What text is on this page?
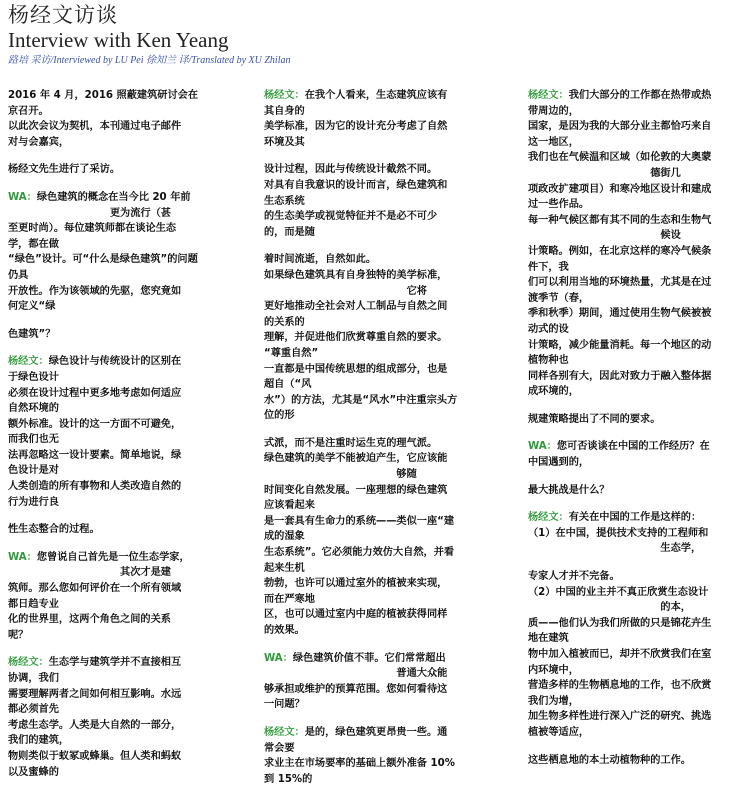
杨经文访谈
Interview with Ken Yeang
路培 采访/Interviewed by LU Pei 徐知兰 译/Translated by XU Zhilan
2016 年 4 月，2016 照蔽建筑研讨会在
京召开。
以此次会议为契机，本刊通过电子邮件
对与会嘉宾，
杨经文先生进行了采访。
WA：绿色建筑的概念在当今比 20 年前
　　　　　　　　　　更为流行（甚
至更时尚）。每位建筑师都在谈论生态
学，都在做
“绿色”设计。可“什么是绿色建筑”的问题
仍具
开放性。作为该领域的先驱，您究竟如
何定义“绿
色建筑”？
杨经文：绿色设计与传统设计的区别在
于绿色设计
必须在设计过程中更多地考虑如何适应
自然环境的
额外标准。设计的这一方面不可避免，
而我们也无
法再忽略这一设计要素。简单地说，绿
色设计是对
人类创造的所有事物和人类改造自然的
行为进行良
性生态整合的过程。
WA：您曾说自己首先是一位生态学家，
　　　　　　　　　　　其次才是建
筑师。那么您如何评价在一个所有领域
都日趋专业
化的世界里，这两个角色之间的关系
呢？
杨经文：生态学与建筑学并不直接相互
协调，我们
需要理解两者之间如何相互影响。水远
都必须首先
考虑生态学。人类是大自然的一部分，
我们的建筑，
物则类似于蚁冢或蜂巢。但人类和蚂蚁
以及蜜蜂的
杨经文：在我个人看来，生态建筑应该有
其自身的
美学标准，因为它的设计充分考虑了自然
环境及其
设计过程，因此与传统设计截然不同。
对具有自我意识的设计而言，绿色建筑和
生态系统
的生态美学或视觉特征并不是必不可少
的，而是随
着时间流逝，自然如此。
如果绿色建筑具有自身独特的美学标准，
　　　　　　　　　　　　　　它将
更好地推动全社会对人工制品与自然之间
的关系的
理解，并促进他们欣赏尊重自然的要求。
“尊重自然”
一直都是中国传统思想的组成部分，也是
超自（“风
水”）的方法，尤其是“风水”中注重宗头方
位的形
式派，而不是注重时运生克的理气派。
绿色建筑的美学不能被迫产生，它应该能
　　　　　　　　　　　　　够随
时间变化自然发展。一座理想的绿色建筑
应该看起来
是一套具有生命力的系统——类似一座“建
成的湿象
生态系统”。它必须能力效仿大自然，并看
起来生机
勃勃，也许可以通过室外的植被来实现，
而在严寒地
区，也可以通过室内中庭的植被获得同样
的效果。
WA：绿色建筑价值不菲。它们常常超出
　　　　　　　　　　　　　普通大众能
够承担或维护的预算范围。您如何看待这
一问题？
杨经文：是的，绿色建筑更昂贵一些。通
常会要
求业主在市场要率的基础上额外准备 10%
到 15%的
杨经文：我们大部分的工作都在热带或热
带周边的，
国家，是因为我的大部分业主都恰巧来自
这一地区，
我们也在气候温和区域（如伦敦的大奥蒙
　　　　　　　　　　　　德街几
项政改扩建项目）和寒冷地区设计和建成
过一些作品。
每一种气候区都有其不同的生态和生物气
　　　　　　　　　　　　　候设
计策略。例如，在北京这样的寒冷气候条
件下，我
们可以利用当地的环境热量，尤其是在过
渡季节（春，
季和秋季）期间，通过使用生物气候被被
动式的设
计策略，减少能量消耗。每一个地区的动
植物种也
同样各别有大，因此对致力于融入整体据
成环境的，
规建策略提出了不同的要求。
WA：您可否谈谈在中国的工作经历？在
中国遇到的，
最大挑战是什么？
杨经文：有关在中国的工作是这样的：
（1）在中国，提供技术支持的工程师和
　　　　　　　　　　　　　生态学，
专家人才并不完备。
（2）中国的业主并不真正欣赏生态设计
　　　　　　　　　　　　　的本，
质——他们认为我们所做的只是锦花卉生
地在建筑
物中加入植被而已，却并不欣赏我们在室
内环境中，
营造多样的生物栖息地的工作，也不欣赏
我们为增，
加生物多样性进行深入广泛的研究、挑选
植被等适应，
这些栖息地的本土动植物种的工作。
